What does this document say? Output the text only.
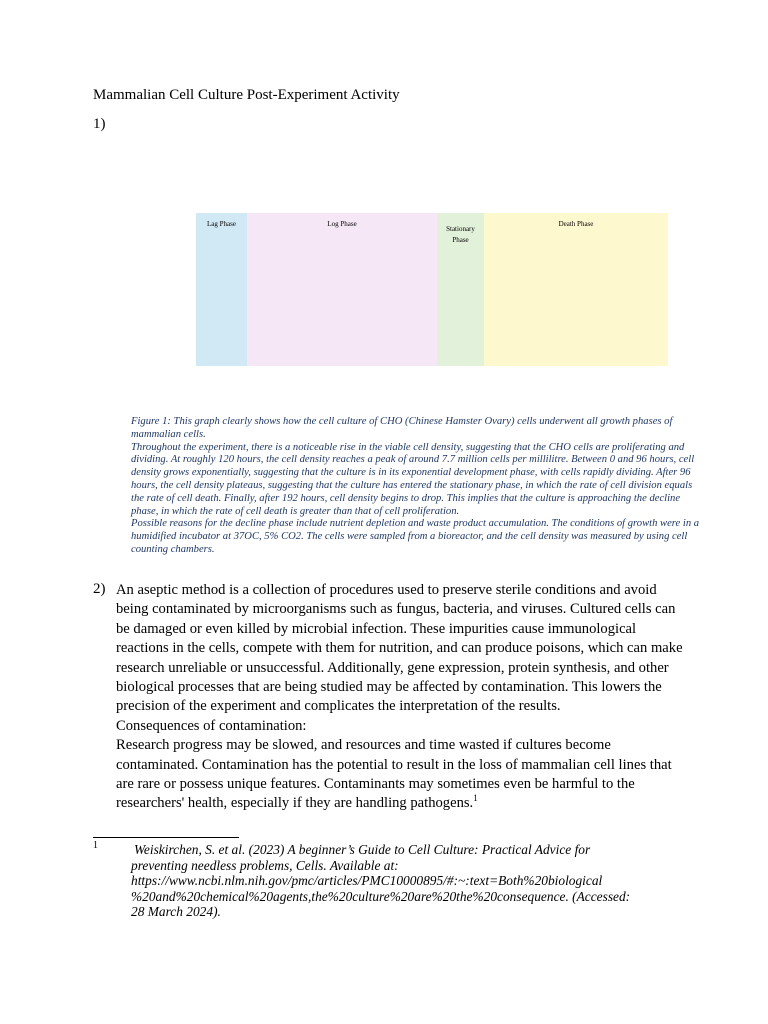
Mammalian Cell Culture Post-Experiment Activity
1)
Lag Phase	Log Phase
Stationary Phase
Death Phase

Figure 1: This graph clearly shows how the cell culture of CHO (Chinese Hamster Ovary) cells underwent all growth phases of mammalian cells.

Throughout the experiment, there is a noticeable rise in the viable cell density, suggesting that the CHO cells are proliferating and dividing. At roughly 120 hours, the cell density reaches a peak of around 7.7 million cells per millilitre. Between 0 and 96 hours, cell density grows exponentially, suggesting that the culture is in its exponential development phase, with cells rapidly dividing. After 96 hours, the cell density plateaus, suggesting that the culture has entered the stationary phase, in which the rate of cell division equals the rate of cell death. Finally, after 192 hours, cell density begins to drop. This implies that the culture is approaching the decline phase, in which the rate of cell death is greater than that of cell proliferation.

Possible reasons for the decline phase include nutrient depletion and waste product accumulation. The conditions of growth were in a humidified incubator at 37OC, 5% CO2. The cells were sampled from a bioreactor, and the cell density was measured by using cell counting chambers.

2) An aseptic method is a collection of procedures used to preserve sterile conditions and avoid being contaminated by microorganisms such as fungus, bacteria, and viruses. Cultured cells can be damaged or even killed by microbial infection. These impurities cause immunological reactions in the cells, compete with them for nutrition, and can produce poisons, which can make research unreliable or unsuccessful. Additionally, gene expression, protein synthesis, and other biological processes that are being studied may be affected by contamination. This lowers the precision of the experiment and complicates the interpretation of the results.

Consequences of contamination:

Research progress may be slowed, and resources and time wasted if cultures become contaminated. Contamination has the potential to result in the loss of mammalian cell lines that are rare or possess unique features. Contaminants may sometimes even be harmful to the researchers' health, especially if they are handling pathogens.$^1$

1	Weiskirchen, S. et al. (2023) A beginner’s Guide to Cell Culture: Practical Advice for
preventing needless problems, Cells. Available at:
https://www.ncbi.nlm.nih.gov/pmc/articles/PMC10000895/#:~:text=Both%20biological
%20and%20chemical%20agents,the%20culture%20are%20the%20consequence. (Accessed:
28 March 2024).
